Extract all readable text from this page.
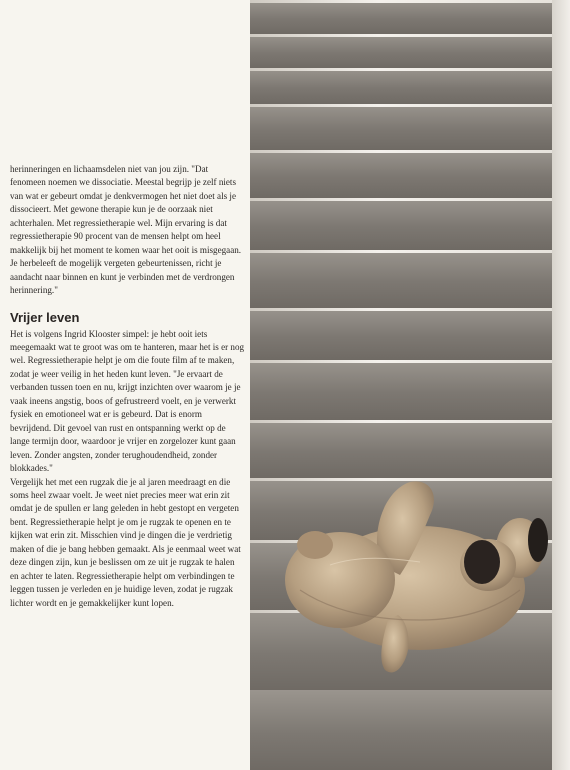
herinneringen en lichaamsdelen niet van jou zijn. "Dat fenomeen noemen we dissociatie. Meestal begrijp je zelf niets van wat er gebeurt omdat je denkvermogen het niet doet als je dissocieert. Met gewone therapie kun je de oorzaak niet achterhalen. Met regressietherapie wel. Mijn ervaring is dat regressietherapie 90 procent van de mensen helpt om heel makkelijk bij het moment te komen waar het ooit is misgegaan. Je herbeleeft de mogelijk vergeten gebeurtenissen, richt je aandacht naar binnen en kunt je verbinden met de verdrongen herinnering."

Vrijer leven

Het is volgens Ingrid Klooster simpel: je hebt ooit iets meegemaakt wat te groot was om te hanteren, maar het is er nog wel. Regressietherapie helpt je om die foute film af te maken, zodat je weer veilig in het heden kunt leven. "Je ervaart de verbanden tussen toen en nu, krijgt inzichten over waarom je je vaak ineens angstig, boos of gefrustreerd voelt, en je verwerkt fysiek en emotioneel wat er is gebeurd. Dat is enorm bevrijdend. Dit gevoel van rust en ontspanning werkt op de lange termijn door, waardoor je vrijer en zorgelozer kunt gaan leven. Zonder angsten, zonder terughoudendheid, zonder blokkades."

Vergelijk het met een rugzak die je al jaren meedraagt en die soms heel zwaar voelt. Je weet niet precies meer wat erin zit omdat je de spullen er lang geleden in hebt gestopt en vergeten bent. Regressietherapie helpt je om je rugzak te openen en te kijken wat erin zit. Misschien vind je dingen die je verdrietig maken of die je bang hebben gemaakt. Als je eenmaal weet wat deze dingen zijn, kun je beslissen om ze uit je rugzak te halen en achter te laten. Regressietherapie helpt om verbindingen te leggen tussen je verleden en je huidige leven, zodat je rugzak lichter wordt en je gemakkelijker kunt lopen.
